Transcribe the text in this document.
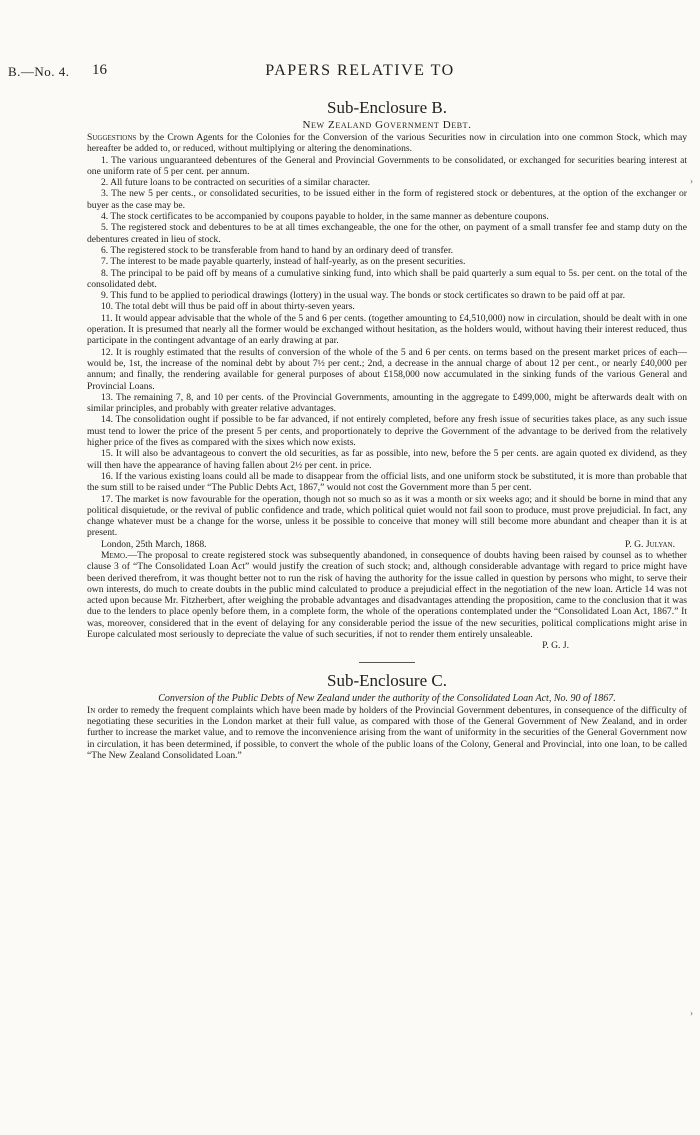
B.—No. 4. 16	PAPERS RELATIVE TO

Sub-Enclosure B.

New Zealand Government Debt.

Suggestions by the Crown Agents for the Colonies for the Conversion of the various Securities now in circulation into one common Stock, which may hereafter be added to, or reduced, without multiplying or altering the denominations.

1. The various unguaranteed debentures of the General and Provincial Governments to be consolidated, or exchanged for securities bearing interest at one uniform rate of 5 per cent. per annum.

2. All future loans to be contracted on securities of a similar character.

3. The new 5 per cents., or consolidated securities, to be issued either in the form of registered stock or debentures, at the option of the exchanger or buyer as the case may be.

4. The stock certificates to be accompanied by coupons payable to holder, in the same manner as debenture coupons.

5. The registered stock and debentures to be at all times exchangeable, the one for the other, on payment of a small transfer fee and stamp duty on the debentures created in lieu of stock.

6. The registered stock to be transferable from hand to hand by an ordinary deed of transfer.

7. The interest to be made payable quarterly, instead of half-yearly, as on the present securities.

8. The principal to be paid off by means of a cumulative sinking fund, into which shall be paid quarterly a sum equal to 5s. per cent. on the total of the consolidated debt.

9. This fund to be applied to periodical drawings (lottery) in the usual way. The bonds or stock certificates so drawn to be paid off at par.

10. The total debt will thus be paid off in about thirty-seven years.

11. It would appear advisable that the whole of the 5 and 6 per cents. (together amounting to £4,510,000) now in circulation, should be dealt with in one operation. It is presumed that nearly all the former would be exchanged without hesitation, as the holders would, without having their interest reduced, thus participate in the contingent advantage of an early drawing at par.

12. It is roughly estimated that the results of conversion of the whole of the 5 and 6 per cents. on terms based on the present market prices of each—would be, 1st, the increase of the nominal debt by about 7½ per cent.; 2nd, a decrease in the annual charge of about 12 per cent., or nearly £40,000 per annum; and finally, the rendering available for general purposes of about £158,000 now accumulated in the sinking funds of the various General and Provincial Loans.

13. The remaining 7, 8, and 10 per cents. of the Provincial Governments, amounting in the aggregate to £499,000, might be afterwards dealt with on similar principles, and probably with greater relative advantages.

14. The consolidation ought if possible to be far advanced, if not entirely completed, before any fresh issue of securities takes place, as any such issue must tend to lower the price of the present 5 per cents, and proportionately to deprive the Government of the advantage to be derived from the relatively higher price of the fives as compared with the sixes which now exists.

15. It will also be advantageous to convert the old securities, as far as possible, into new, before the 5 per cents. are again quoted ex dividend, as they will then have the appearance of having fallen about 2½ per cent. in price.

16. If the various existing loans could all be made to disappear from the official lists, and one uniform stock be substituted, it is more than probable that the sum still to be raised under “The Public Debts Act, 1867,” would not cost the Government more than 5 per cent.

17. The market is now favourable for the operation, though not so much so as it was a month or six weeks ago; and it should be borne in mind that any political disquietude, or the revival of public confidence and trade, which political quiet would not fail soon to produce, must prove prejudicial. In fact, any change whatever must be a change for the worse, unless it be possible to conceive that money will still become more abundant and cheaper than it is at present.

London, 25th March, 1868.	P. G. Julyan.

Memo.—The proposal to create registered stock was subsequently abandoned, in consequence of doubts having been raised by counsel as to whether clause 3 of “The Consolidated Loan Act” would justify the creation of such stock; and, although considerable advantage with regard to price might have been derived therefrom, it was thought better not to run the risk of having the authority for the issue called in question by persons who might, to serve their own interests, do much to create doubts in the public mind calculated to produce a prejudicial effect in the negotiation of the new loan. Article 14 was not acted upon because Mr. Fitzherbert, after weighing the probable advantages and disadvantages attending the proposition, came to the conclusion that it was due to the lenders to place openly before them, in a complete form, the whole of the operations contemplated under the “Consolidated Loan Act, 1867.” It was, moreover, considered that in the event of delaying for any considerable period the issue of the new securities, political complications might arise in Europe calculated most seriously to depreciate the value of such securities, if not to render them entirely unsaleable.

P. G. J.

Sub-Enclosure C.

Conversion of the Public Debts of New Zealand under the authority of the Consolidated Loan Act, No. 90 of 1867.

In order to remedy the frequent complaints which have been made by holders of the Provincial Government debentures, in consequence of the difficulty of negotiating these securities in the London market at their full value, as compared with those of the General Government of New Zealand, and in order further to increase the market value, and to remove the inconvenience arising from the want of uniformity in the securities of the General Government now in circulation, it has been determined, if possible, to convert the whole of the public loans of the Colony, General and Provincial, into one loan, to be called “The New Zealand Consolidated Loan.”

›
›
